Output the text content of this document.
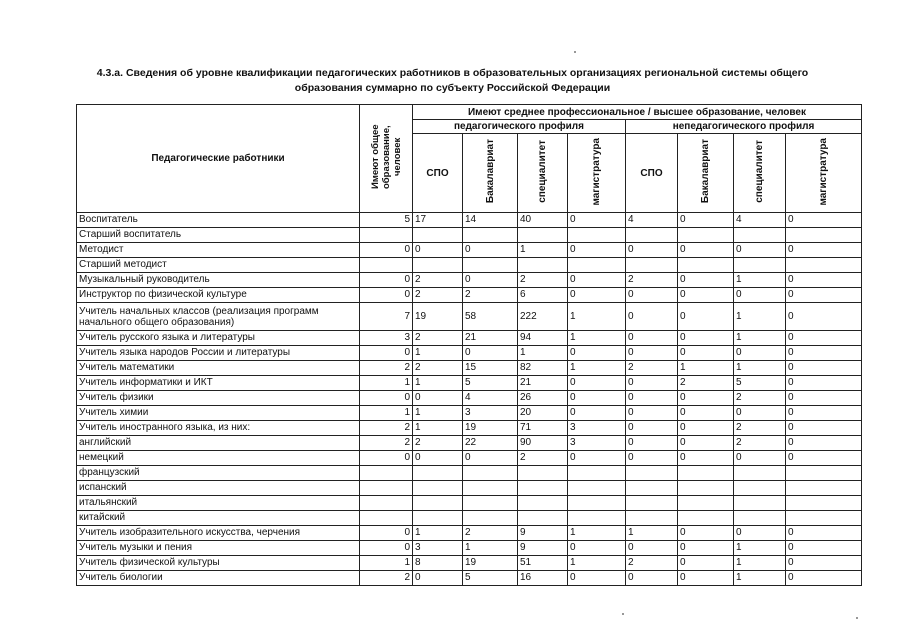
4.3.а. Сведения об уровне квалификации педагогических работников в образовательных организациях региональной системы общего
образования суммарно по субъекту Российской Федерации
Педагогические работники	Имеют общее образование, человек	Имеют среднее профессиональное / высшее образование, человек							
		педагогического профиля				непедагогического профиля			
		СПО	Бакалавриат	специалитет	магистратура	СПО	Бакалавриат	специалитет	магистратура
Воспитатель	5	17	14	40	0	4	0	4	0
Старший воспитатель									
Методист	0	0	0	1	0	0	0	0	0
Старший методист									
Музыкальный руководитель	0	2	0	2	0	2	0	1	0
Инструктор по физической культуре	0	2	2	6	0	0	0	0	0
Учитель начальных классов (реализация программ начального общего образования)	7	19	58	222	1	0	0	1	0
Учитель русского языка и литературы	3	2	21	94	1	0	0	1	0
Учитель языка народов России и литературы	0	1	0	1	0	0	0	0	0
Учитель математики	2	2	15	82	1	2	1	1	0
Учитель информатики и ИКТ	1	1	5	21	0	0	2	5	0
Учитель физики	0	0	4	26	0	0	0	2	0
Учитель химии	1	1	3	20	0	0	0	0	0
Учитель иностранного языка, из них:	2	1	19	71	3	0	0	2	0
английский	2	2	22	90	3	0	0	2	0
немецкий	0	0	0	2	0	0	0	0	0
французский									
испанский									
итальянский									
китайский									
Учитель изобразительного искусства, черчения	0	1	2	9	1	1	0	0	0
Учитель музыки и пения	0	3	1	9	0	0	0	1	0
Учитель физической культуры	1	8	19	51	1	2	0	1	0
Учитель биологии	2	0	5	16	0	0	0	1	0
